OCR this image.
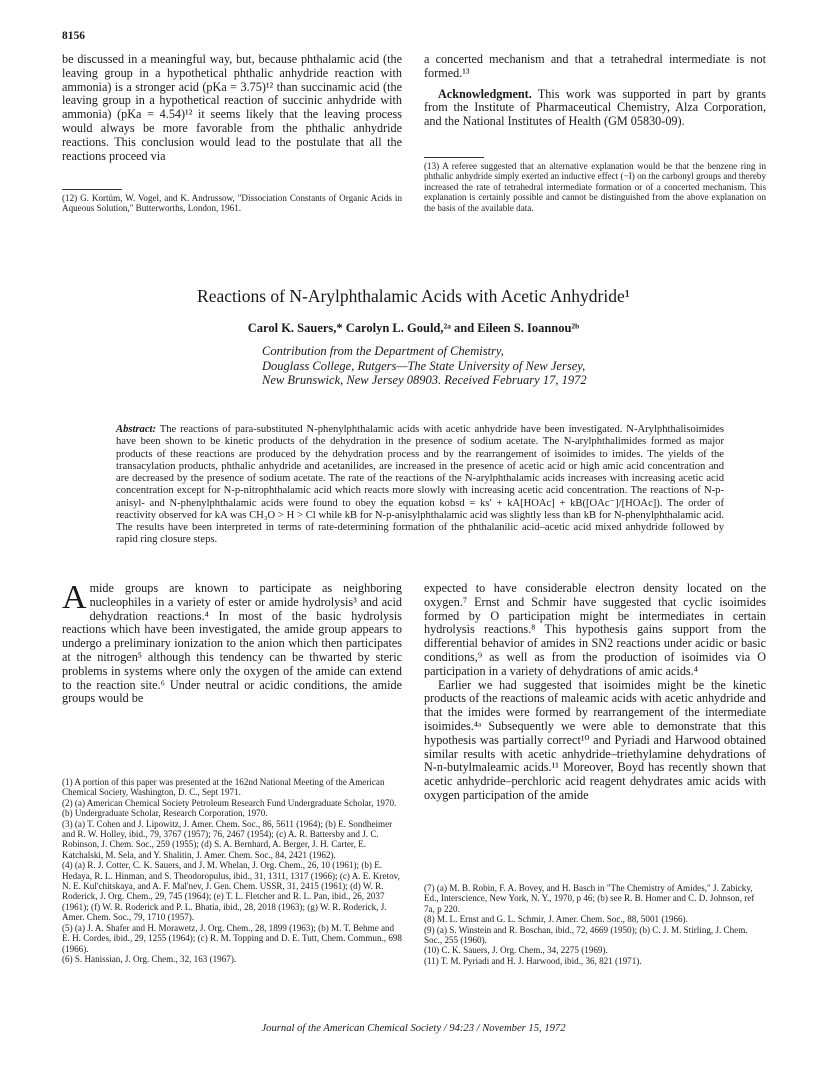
8156

be discussed in a meaningful way, but, because phthalamic acid (the leaving group in a hypothetical phthalic anhydride reaction with ammonia) is a stronger acid (pKa = 3.75)¹² than succinamic acid (the leaving group in a hypothetical reaction of succinic anhydride with ammonia) (pKa = 4.54)¹² it seems likely that the leaving process would always be more favorable from the phthalic anhydride reactions. This conclusion would lead to the postulate that all the reactions proceed via

(12) G. Kortüm, W. Vogel, and K. Andrussow, "Dissociation Constants of Organic Acids in Aqueous Solution," Butterworths, London, 1961.

a concerted mechanism and that a tetrahedral intermediate is not formed.¹³

Acknowledgment. This work was supported in part by grants from the Institute of Pharmaceutical Chemistry, Alza Corporation, and the National Institutes of Health (GM 05830-09).

(13) A referee suggested that an alternative explanation would be that the benzene ring in phthalic anhydride simply exerted an inductive effect (−I) on the carbonyl groups and thereby increased the rate of tetrahedral intermediate formation or of a concerted mechanism. This explanation is certainly possible and cannot be distinguished from the above explanation on the basis of the available data.

Reactions of N-Arylphthalamic Acids with Acetic Anhydride¹
Carol K. Sauers,* Carolyn L. Gould,²ᵃ and Eileen S. Ioannou²ᵇ
Contribution from the Department of Chemistry,
Douglass College, Rutgers—The State University of New Jersey,
New Brunswick, New Jersey 08903. Received February 17, 1972

Abstract: The reactions of para-substituted N-phenylphthalamic acids with acetic anhydride have been investigated. N-Arylphthalisoimides have been shown to be kinetic products of the dehydration in the presence of sodium acetate. The N-arylphthalimides formed as major products of these reactions are produced by the dehydration process and by the rearrangement of isoimides to imides. The yields of the transacylation products, phthalic anhydride and acetanilides, are increased in the presence of acetic acid or high amic acid concentration and are decreased by the presence of sodium acetate. The rate of the reactions of the N-arylphthalamic acids increases with increasing acetic acid concentration except for N-p-nitrophthalamic acid which reacts more slowly with increasing acetic acid concentration. The reactions of N-p-anisyl- and N-phenylphthalamic acids were found to obey the equation kobsd = ks′ + kA[HOAc] + kB([OAc⁻]/[HOAc]). The order of reactivity observed for kA was CH₃O > H > Cl while kB for N-p-anisylphthalamic acid was slightly less than kB for N-phenylphthalamic acid. The results have been interpreted in terms of rate-determining formation of the phthalanilic acid–acetic acid mixed anhydride followed by rapid ring closure steps.

Amide groups are known to participate as neighboring nucleophiles in a variety of ester or amide hydrolysis³ and acid dehydration reactions.⁴ In most of the basic hydrolysis reactions which have been investigated, the amide group appears to undergo a preliminary ionization to the anion which then participates at the nitrogen⁵ although this tendency can be thwarted by steric problems in systems where only the oxygen of the amide can extend to the reaction site.⁶ Under neutral or acidic conditions, the amide groups would be

(1) A portion of this paper was presented at the 162nd National Meeting of the American Chemical Society, Washington, D. C., Sept 1971.

(2) (a) American Chemical Society Petroleum Research Fund Undergraduate Scholar, 1970. (b) Undergraduate Scholar, Research Corporation, 1970.

(3) (a) T. Cohen and J. Lipowitz, J. Amer. Chem. Soc., 86, 5611 (1964); (b) E. Sondheimer and R. W. Holley, ibid., 79, 3767 (1957); 76, 2467 (1954); (c) A. R. Battersby and J. C. Robinson, J. Chem. Soc., 259 (1955); (d) S. A. Bernhard, A. Berger, J. H. Carter, E. Katchalski, M. Sela, and Y. Shalitin, J. Amer. Chem. Soc., 84, 2421 (1962).

(4) (a) R. J. Cotter, C. K. Sauers, and J. M. Whelan, J. Org. Chem., 26, 10 (1961); (b) E. Hedaya, R. L. Hinman, and S. Theodoropulus, ibid., 31, 1311, 1317 (1966); (c) A. E. Kretov, N. E. Kul'chitskaya, and A. F. Mal'nev, J. Gen. Chem. USSR, 31, 2415 (1961); (d) W. R. Roderick, J. Org. Chem., 29, 745 (1964); (e) T. L. Fletcher and R. L. Pan, ibid., 26, 2037 (1961); (f) W. R. Roderick and P. L. Bhatia, ibid., 28, 2018 (1963); (g) W. R. Roderick, J. Amer. Chem. Soc., 79, 1710 (1957).

(5) (a) J. A. Shafer and H. Morawetz, J. Org. Chem., 28, 1899 (1963); (b) M. T. Behme and E. H. Cordes, ibid., 29, 1255 (1964); (c) R. M. Topping and D. E. Tutt, Chem. Commun., 698 (1966).

(6) S. Hanissian, J. Org. Chem., 32, 163 (1967).

expected to have considerable electron density located on the oxygen.⁷ Ernst and Schmir have suggested that cyclic isoimides formed by O participation might be intermediates in certain hydrolysis reactions.⁸ This hypothesis gains support from the differential behavior of amides in SN2 reactions under acidic or basic conditions,⁹ as well as from the production of isoimides via O participation in a variety of dehydrations of amic acids.⁴

Earlier we had suggested that isoimides might be the kinetic products of the reactions of maleamic acids with acetic anhydride and that the imides were formed by rearrangement of the intermediate isoimides.⁴ᵃ Subsequently we were able to demonstrate that this hypothesis was partially correct¹⁰ and Pyriadi and Harwood obtained similar results with acetic anhydride–triethylamine dehydrations of N-n-butylmaleamic acids.¹¹ Moreover, Boyd has recently shown that acetic anhydride–perchloric acid reagent dehydrates amic acids with oxygen participation of the amide

(7) (a) M. B. Robin, F. A. Bovey, and H. Basch in "The Chemistry of Amides," J. Zabicky, Ed., Interscience, New York, N. Y., 1970, p 46; (b) see R. B. Homer and C. D. Johnson, ref 7a, p 220.

(8) M. L. Ernst and G. L. Schmir, J. Amer. Chem. Soc., 88, 5001 (1966).

(9) (a) S. Winstein and R. Boschan, ibid., 72, 4669 (1950); (b) C. J. M. Stirling, J. Chem. Soc., 255 (1960).

(10) C. K. Sauers, J. Org. Chem., 34, 2275 (1969).

(11) T. M. Pyriadi and H. J. Harwood, ibid., 36, 821 (1971).

Journal of the American Chemical Society / 94:23 / November 15, 1972
